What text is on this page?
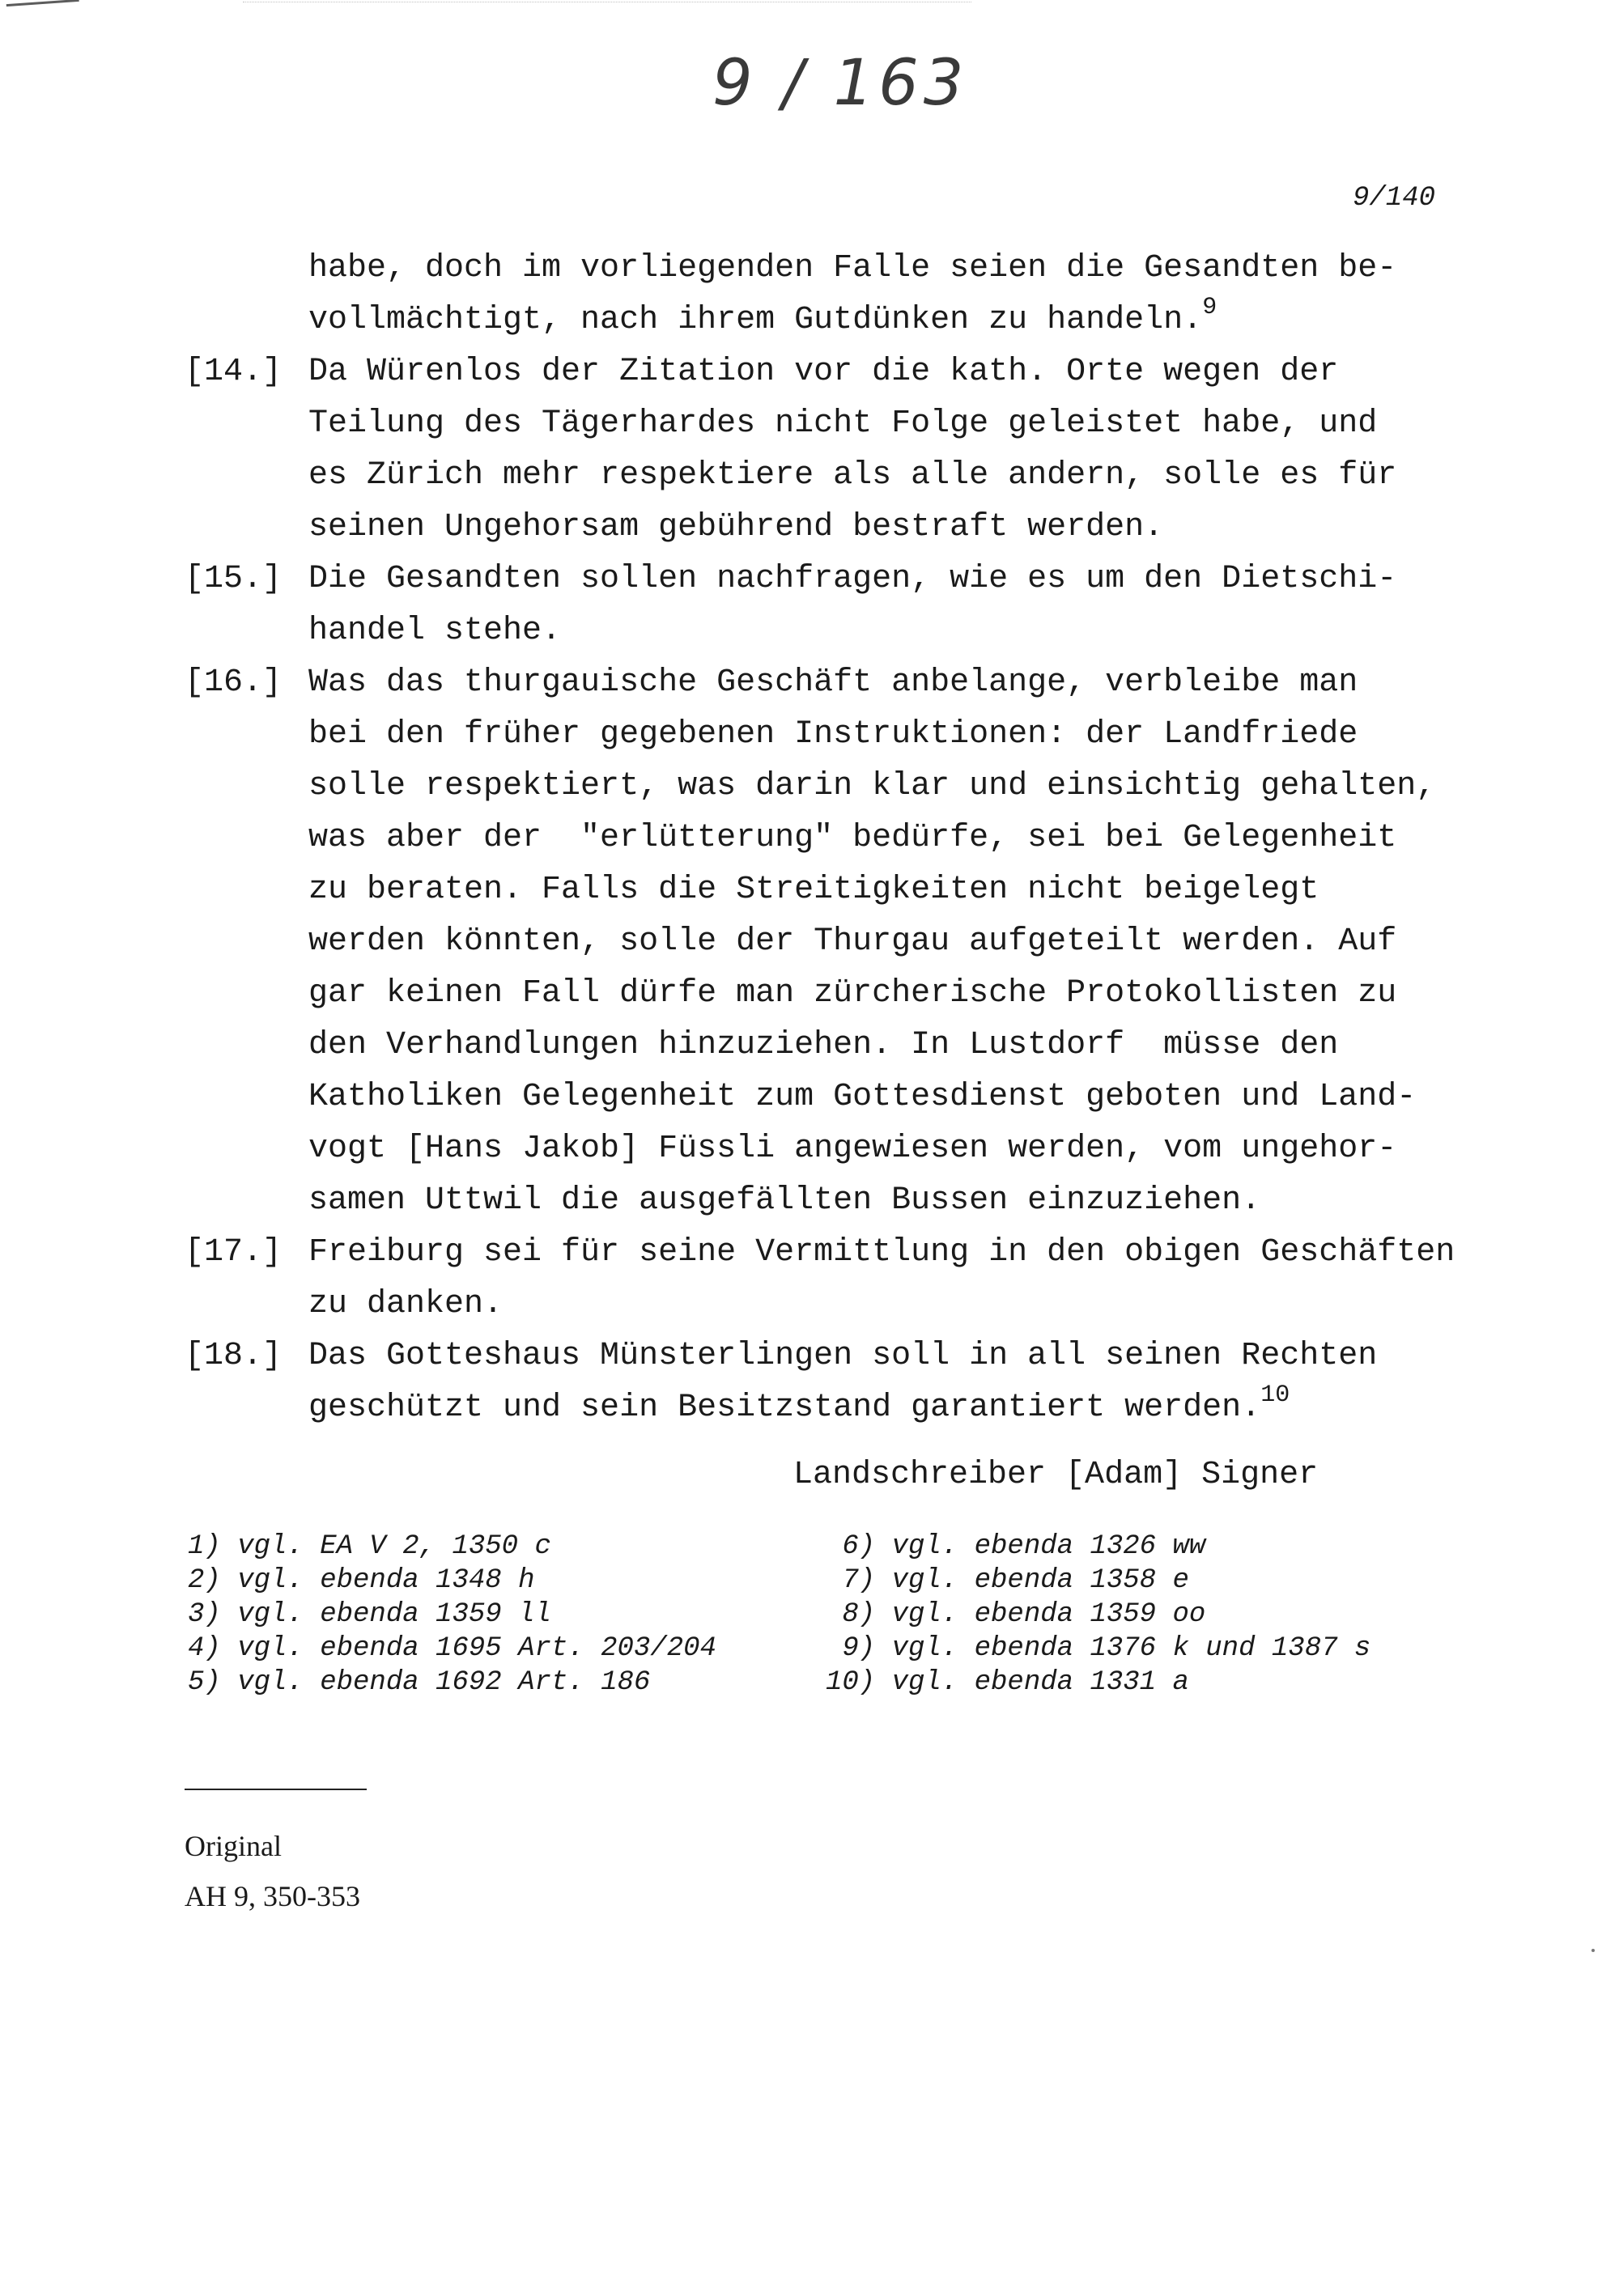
9 / 163
9/140
habe, doch im vorliegenden Falle seien die Gesandten be-
vollmächtigt, nach ihrem Gutdünken zu handeln.$^9$
[14.] Da Würenlos der Zitation vor die kath. Orte wegen der
Teilung des Tägerhardes nicht Folge geleistet habe, und
es Zürich mehr respektiere als alle andern, solle es für
seinen Ungehorsam gebührend bestraft werden.
[15.] Die Gesandten sollen nachfragen, wie es um den Dietschi-
handel stehe.
[16.] Was das thurgauische Geschäft anbelange, verbleibe man
bei den früher gegebenen Instruktionen: der Landfriede
solle respektiert, was darin klar und einsichtig gehalten,
was aber der  "erlütterung" bedürfe, sei bei Gelegenheit
zu beraten. Falls die Streitigkeiten nicht beigelegt
werden könnten, solle der Thurgau aufgeteilt werden. Auf
gar keinen Fall dürfe man zürcherische Protokollisten zu
den Verhandlungen hinzuziehen. In Lustdorf  müsse den
Katholiken Gelegenheit zum Gottesdienst geboten und Land-
vogt [Hans Jakob] Füssli angewiesen werden, vom ungehor-
samen Uttwil die ausgefällten Bussen einzuziehen.
[17.] Freiburg sei für seine Vermittlung in den obigen Geschäften
zu danken.
[18.] Das Gotteshaus Münsterlingen soll in all seinen Rechten
geschützt und sein Besitzstand garantiert werden.$^{10}$
Landschreiber [Adam] Signer
1) vgl. EA V 2, 1350 c
2) vgl. ebenda 1348 h
3) vgl. ebenda 1359 ll
4) vgl. ebenda 1695 Art. 203/204
5) vgl. ebenda 1692 Art. 186
6) vgl. ebenda 1326 ww
7) vgl. ebenda 1358 e
8) vgl. ebenda 1359 oo
9) vgl. ebenda 1376 k und 1387 s
10) vgl. ebenda 1331 a
Original
AH 9, 350-353
